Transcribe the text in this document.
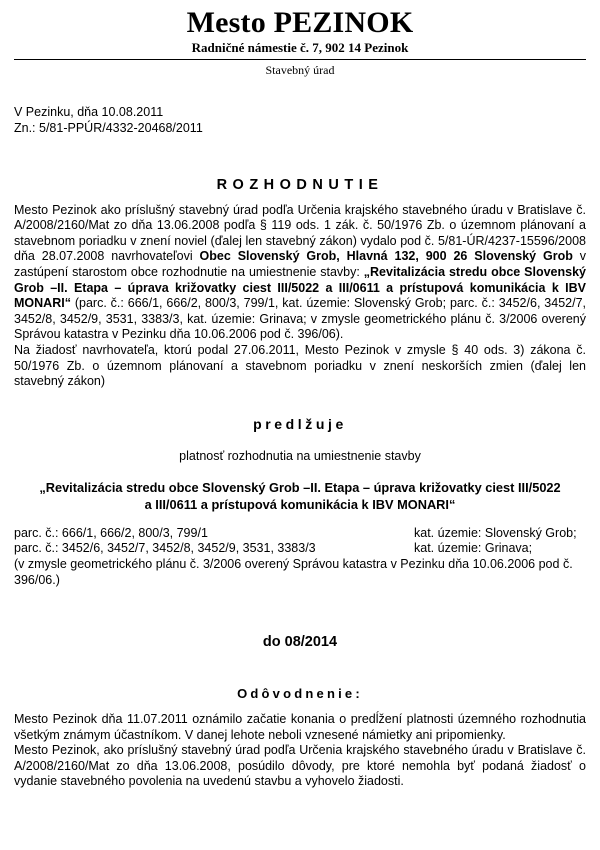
Mesto PEZINOK
Radničné námestie č. 7, 902 14 Pezinok
Stavebný úrad
V Pezinku, dňa 10.08.2011
Zn.: 5/81-PPÚR/4332-20468/2011
ROZHODNUTIE

Mesto Pezinok ako príslušný stavebný úrad podľa Určenia krajského stavebného úradu v Bratislave č. A/2008/2160/Mat zo dňa 13.06.2008 podľa § 119 ods. 1 zák. č. 50/1976 Zb. o územnom plánovaní a stavebnom poriadku v znení noviel (ďalej len stavebný zákon) vydalo pod č. 5/81-ÚR/4237-15596/2008 dňa 28.07.2008 navrhovateľovi Obec Slovenský Grob, Hlavná 132, 900 26 Slovenský Grob v zastúpení starostom obce rozhodnutie na umiestnenie stavby: „Revitalizácia stredu obce Slovenský Grob –II. Etapa – úprava križovatky ciest III/5022 a III/0611 a prístupová komunikácia k IBV MONARI“ (parc. č.: 666/1, 666/2, 800/3, 799/1, kat. územie: Slovenský Grob; parc. č.: 3452/6, 3452/7, 3452/8, 3452/9, 3531, 3383/3, kat. územie: Grinava; v zmysle geometrického plánu č. 3/2006 overený Správou katastra v Pezinku dňa 10.06.2006 pod č. 396/06).

Na žiadosť navrhovateľa, ktorú podal 27.06.2011, Mesto Pezinok v zmysle § 40 ods. 3) zákona č. 50/1976 Zb. o územnom plánovaní a stavebnom poriadku v znení neskorších zmien (ďalej len stavebný zákon)

predlžuje
platnosť rozhodnutia na umiestnenie stavby
„Revitalizácia stredu obce Slovenský Grob –II. Etapa – úprava križovatky ciest III/5022
a III/0611 a prístupová komunikácia k IBV MONARI“
parc. č.: 666/1, 666/2, 800/3, 799/1	kat. územie: Slovenský Grob;
parc. č.: 3452/6, 3452/7, 3452/8, 3452/9, 3531, 3383/3	kat. územie: Grinava;
(v zmysle geometrického plánu č. 3/2006 overený Správou katastra v Pezinku dňa 10.06.2006 pod č. 396/06.)
do 08/2014
Odôvodnenie:

Mesto Pezinok dňa 11.07.2011 oznámilo začatie konania o predĺžení platnosti územného rozhodnutia všetkým známym účastníkom. V danej lehote neboli vznesené námietky ani pripomienky.

Mesto Pezinok, ako príslušný stavebný úrad podľa Určenia krajského stavebného úradu v Bratislave č. A/2008/2160/Mat zo dňa 13.06.2008, posúdilo dôvody, pre ktoré nemohla byť podaná žiadosť o vydanie stavebného povolenia na uvedenú stavbu a vyhovelo žiadosti.
